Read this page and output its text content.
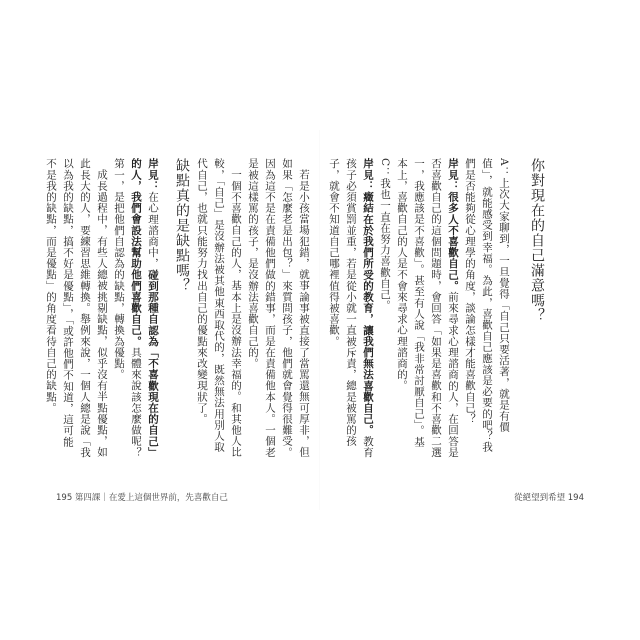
若是小孩當場犯錯，就事論事被直接了當罵還無可厚非，但如果「怎麼老是出包？」來質問孩子，他們就會覺得很難受。因為這不是在責備他們做的錯事，而是在責備他本人。一個老是被這樣罵的孩子，是沒辦法喜歡自己的。
一個不喜歡自己的人，基本上是沒辦法幸福的。和其他人比較，「自己」是沒辦法被其他東西取代的，既然無法用別人取代自己，也就只能努力找出自己的優點來改變現狀了。
缺點真的是缺點嗎？
岸見：在心理諮商中，碰到那種自認為「不喜歡現在的自己」的人，我們會設法幫助他們喜歡自己。具體來說該怎麼做呢？第一，是把他們自認為的缺點，轉換為優點。
成長過程中，有些人總被挑剔缺點，似乎沒有半點優點，如此長大的人，要練習思維轉換。舉例來說，一個人總是說「我以為我的缺點，搞不好是優點」，「或許他們不知道，這可能不是我的缺點，而是優點」的角度看待自己的缺點。
195 第四課｜在愛上這個世界前，先喜歡自己
你對現在的自己滿意嗎？
A：上次大家聊到，一旦覺得「自己只要活著，就是有價值」，就能感受到幸福。為此，喜歡自己應該是必要的吧？我們是否能夠從心理學的角度，談論怎樣才能喜歡自己？
岸見：很多人不喜歡自己。前來尋求心理諮商的人，在回答是否喜歡自己的這個問題時，會回答「如果是喜歡和不喜歡二選一，我應該是不喜歡」。甚至有人說「我非常討厭自己」。基本上，喜歡自己的人是不會來尋求心理諮商的。
C：我也一直在努力喜歡自己。
岸見：癥結在於我們所受的教育，讓我們無法喜歡自己。教育孩子必須賞罰並重，若是從小就一直被斥責，總是被罵的孩子，就會不知道自己哪裡值得被喜歡。
從絕望到希望 194
